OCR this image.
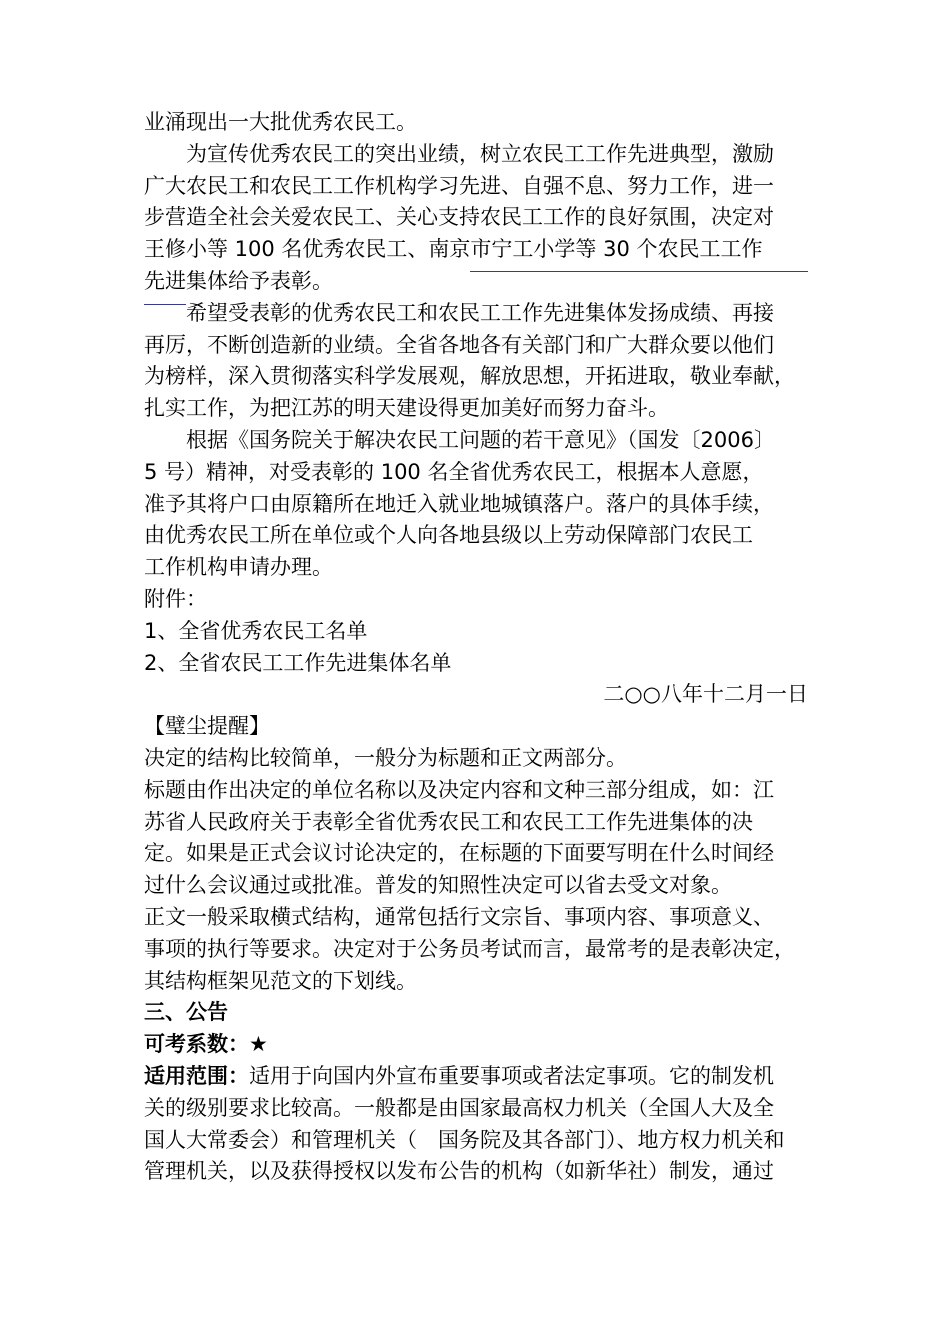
业涌现出一大批优秀农民工。
为宣传优秀农民工的突出业绩，树立农民工工作先进典型，激励
广大农民工和农民工工作机构学习先进、自强不息、努力工作，进一
步营造全社会关爱农民工、关心支持农民工工作的良好氛围，决定对
王修小等 100 名优秀农民工、南京市宁工小学等 30 个农民工工作
先进集体给予表彰。
希望受表彰的优秀农民工和农民工工作先进集体发扬成绩、再接
再厉，不断创造新的业绩。全省各地各有关部门和广大群众要以他们
为榜样，深入贯彻落实科学发展观，解放思想，开拓进取，敬业奉献，
扎实工作，为把江苏的明天建设得更加美好而努力奋斗。
根据《国务院关于解决农民工问题的若干意见》（国发〔2006〕
5 号）精神，对受表彰的 100 名全省优秀农民工，根据本人意愿，
准予其将户口由原籍所在地迁入就业地城镇落户。落户的具体手续，
由优秀农民工所在单位或个人向各地县级以上劳动保障部门农民工
工作机构申请办理。
附件：
1、全省优秀农民工名单
2、全省农民工工作先进集体名单
二○○八年十二月一日
【璧尘提醒】
决定的结构比较简单，一般分为标题和正文两部分。
标题由作出决定的单位名称以及决定内容和文种三部分组成，如：江
苏省人民政府关于表彰全省优秀农民工和农民工工作先进集体的决
定。如果是正式会议讨论决定的，在标题的下面要写明在什么时间经
过什么会议通过或批准。普发的知照性决定可以省去受文对象。
正文一般采取横式结构，通常包括行文宗旨、事项内容、事项意义、
事项的执行等要求。决定对于公务员考试而言，最常考的是表彰决定，
其结构框架见范文的下划线。
三、公告
可考系数：★
适用范围：适用于向国内外宣布重要事项或者法定事项。它的制发机
关的级别要求比较高。一般都是由国家最高权力机关（全国人大及全
国人大常委会）和管理机关（　国务院及其各部门）、地方权力机关和
管理机关，以及获得授权以发布公告的机构（如新华社）制发，通过
